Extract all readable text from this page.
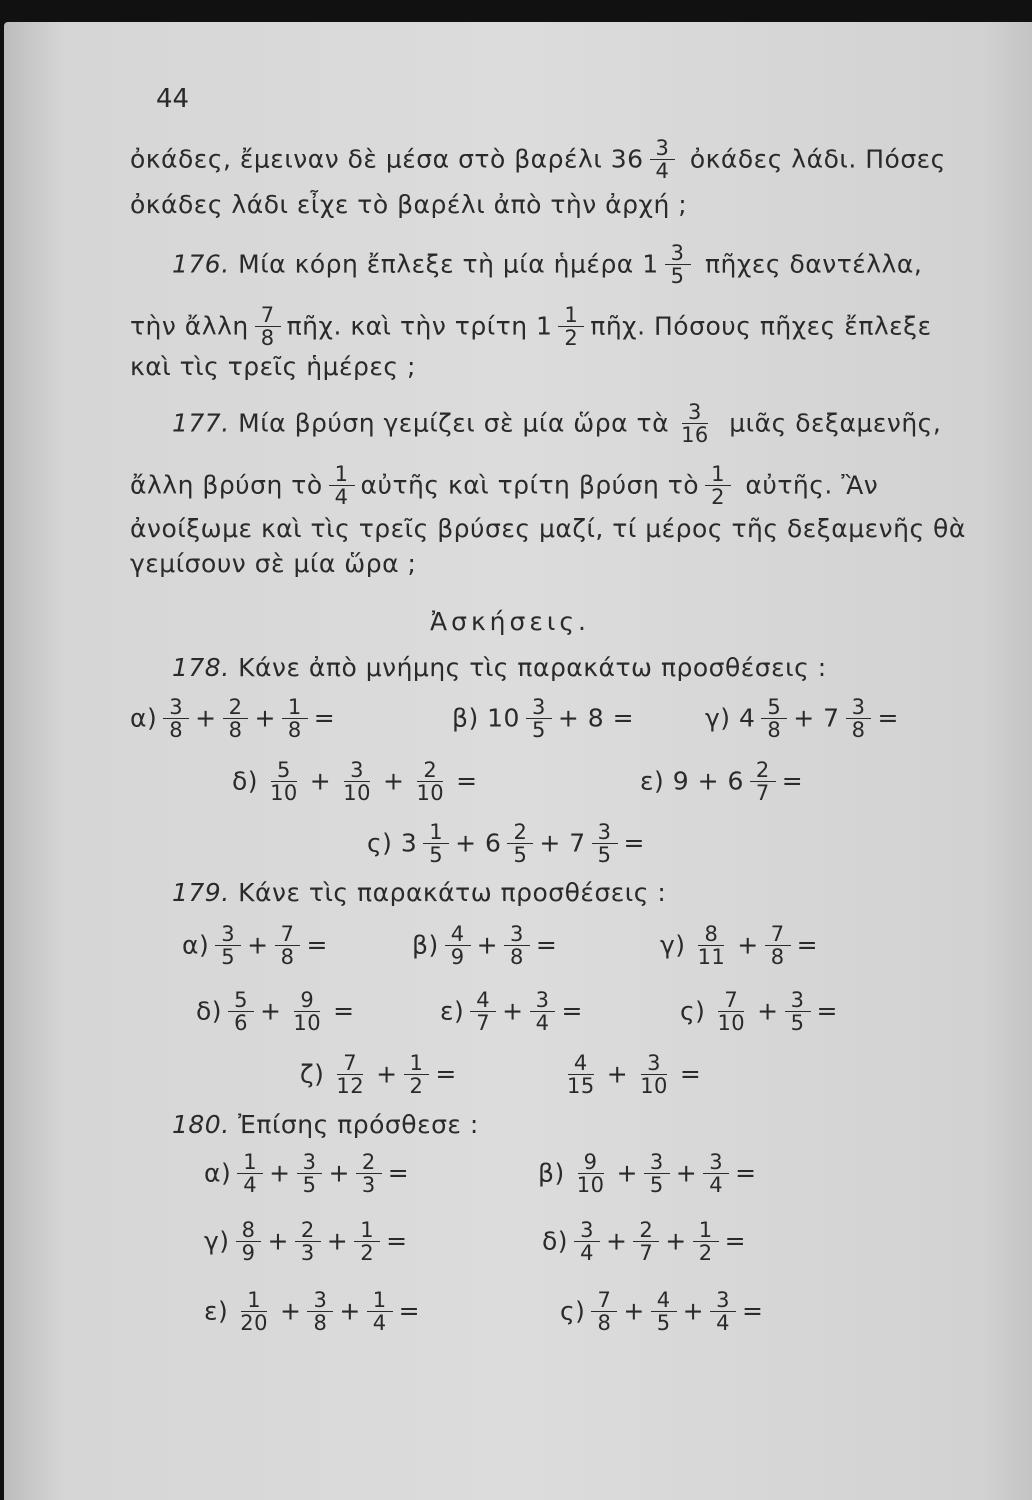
44
ὀκάδες, ἔμειναν δὲ μέσα στὸ βαρέλι $36 \frac{3}{4}$ ὀκάδες λάδι. Πόσες
ὀκάδες λάδι εἶχε τὸ βαρέλι ἀπὸ τὴν ἀρχή ;
176. Μία κόρη ἔπλεξε τὴ μία ἡμέρα $1 \frac{3}{5}$ πῆχες δαντέλλα,
τὴν ἄλλη $\frac{7}{8}$ πῆχ. καὶ τὴν τρίτη $1 \frac{1}{2}$ πῆχ. Πόσους πῆχες ἔπλεξε
καὶ τὶς τρεῖς ἡμέρες ;
177. Μία βρύση γεμίζει σὲ μία ὥρα τὰ $\frac{3}{16}$ μιᾶς δεξαμενῆς,
ἄλλη βρύση τὸ $\frac{1}{4}$ αὐτῆς καὶ τρίτη βρύση τὸ $\frac{1}{2}$ αὐτῆς. Ἂν
ἀνοίξωμε καὶ τὶς τρεῖς βρύσες μαζί, τί μέρος τῆς δεξαμενῆς θὰ
γεμίσουν σὲ μία ὥρα ;
Ἀσκήσεις.
178. Κάνε ἀπὸ μνήμης τὶς παρακάτω προσθέσεις :
$\alpha) \frac{3}{8} + \frac{2}{8} + \frac{1}{8}$ =	β) $10 \frac{3}{5} + 8$ =	γ) $4 \frac{5}{8} + 7 \frac{3}{8}$ =
$\delta) \frac{5}{10} + \frac{3}{10} + \frac{2}{10}$ =	ε) $9 + 6 \frac{2}{7}$ =
ς) $3 \frac{1}{5} + 6 \frac{2}{5} + 7 \frac{3}{5}$ =
179. Κάνε τὶς παρακάτω προσθέσεις :
$\alpha) \frac{3}{5} + \frac{7}{8}$ =	$\beta) \frac{4}{9} + \frac{3}{8}$ =	$\gamma) \frac{8}{11} + \frac{7}{8}$ =
$\delta) \frac{5}{6} + \frac{9}{10}$ =	$\varepsilon) \frac{4}{7} + \frac{3}{4}$ =	$\varsigma) \frac{7}{10} + \frac{3}{5}$ =
$\zeta) \frac{7}{12} + \frac{1}{2}$ =	$\frac{4}{15} + \frac{3}{10}$ =
180. Ἐπίσης πρόσθεσε :
$\alpha) \frac{1}{4} + \frac{3}{5} + \frac{2}{3}$ =	$\beta) \frac{9}{10} + \frac{3}{5} + \frac{3}{4}$ =
$\gamma) \frac{8}{9} + \frac{2}{3} + \frac{1}{2}$ =	$\delta) \frac{3}{4} + \frac{2}{7} + \frac{1}{2}$ =
$\varepsilon) \frac{1}{20} + \frac{3}{8} + \frac{1}{4}$ =	$\varsigma) \frac{7}{8} + \frac{4}{5} + \frac{3}{4}$ =
